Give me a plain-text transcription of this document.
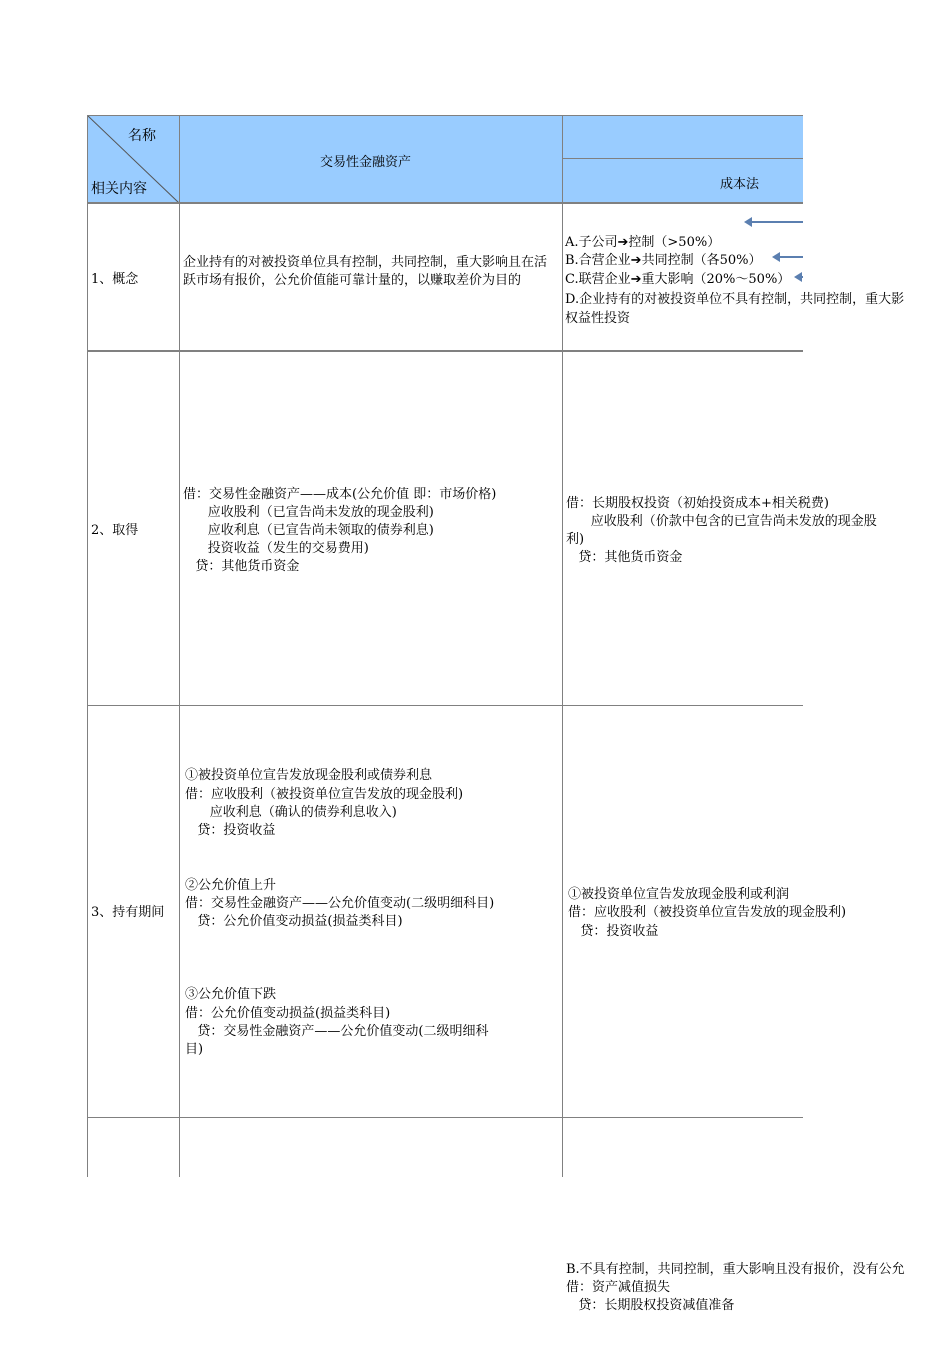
名称
相关内容
交易性金融资产
成本法
1、概念
2、取得
3、持有期间
企业持有的对被投资单位具有控制，共同控制，重大影响且在活跃市场有报价，公允价值能可靠计量的，以赚取差价为目的
A.子公司➔控制（>50%）
B.合营企业➔共同控制（各50%）
C.联营企业➔重大影响（20%～50%）
D.企业持有的对被投资单位不具有控制，共同控制，重大影
权益性投资
借：交易性金融资产——成本(公允价值 即：市场价格)
应收股利（已宣告尚未发放的现金股利)
应收利息（已宣告尚未领取的债券利息)
投资收益（发生的交易费用)
贷：其他货币资金
借：长期股权投资（初始投资成本+相关税费)
应收股利（价款中包含的已宣告尚未发放的现金股
利)
贷：其他货币资金
①被投资单位宣告发放现金股利或债券利息
借：应收股利（被投资单位宣告发放的现金股利)
应收利息（确认的债券利息收入)
贷：投资收益
②公允价值上升
借：交易性金融资产——公允价值变动(二级明细科目)
贷：公允价值变动损益(损益类科目)
③公允价值下跌
借：公允价值变动损益(损益类科目)
贷：交易性金融资产——公允价值变动(二级明细科
目)
①被投资单位宣告发放现金股利或利润
借：应收股利（被投资单位宣告发放的现金股利)
贷：投资收益
B.不具有控制，共同控制，重大影响且没有报价，没有公允
借：资产减值损失
贷：长期股权投资减值准备
